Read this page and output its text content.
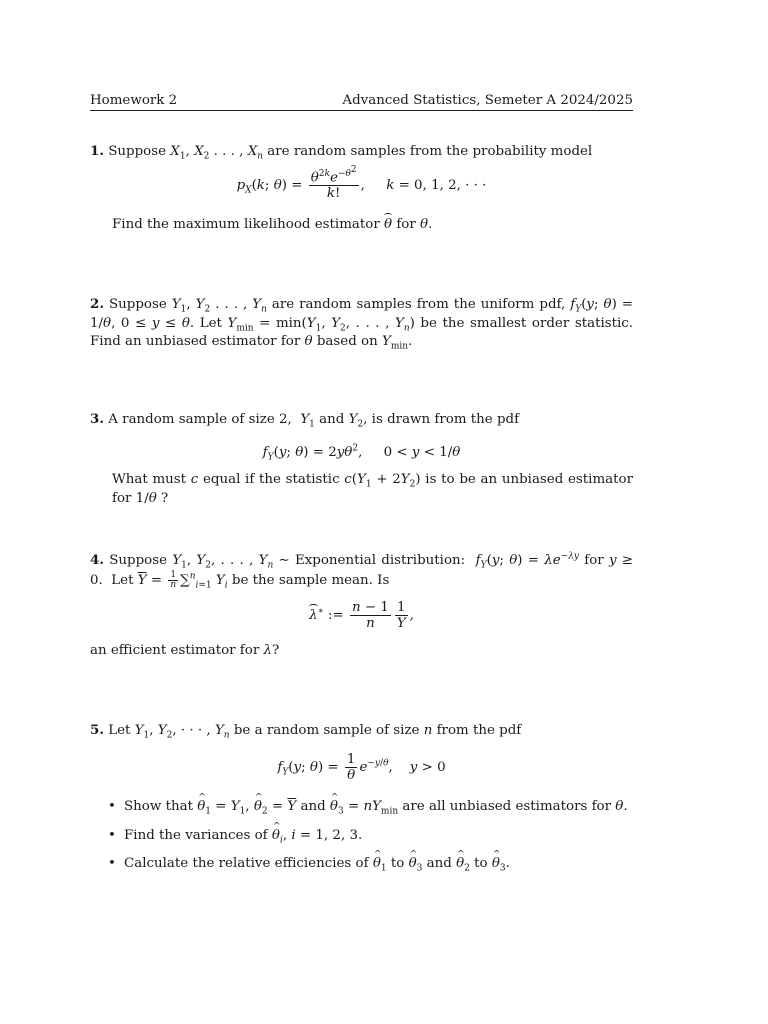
Homework 2	Advanced Statistics, Semeter A 2024/2025
1. Suppose $X_1$, $X_2$ . . . , $X_n$ are random samples from the probability model
$p_X(k$; $\theta) = \frac{\theta^{2k}e^{-\theta^2}}{k!}$ ,     k = 0, 1, 2, · · ·
Find the maximum likelihood estimator θ for θ.
2. Suppose $Y_1$, $Y_2$ . . . , $Y_n$ are random samples from the uniform pdf, $f_Y(y$; θ) = 1/θ, 0 ≤ y ≤ θ. Let $Y_{min} = \min(Y_1$, $Y_2$, . . . , $Y_n$) be the smallest order statistic. Find an unbiased estimator for θ based on $Y_{min}$.
3. A random sample of size 2,  $Y_1$ and $Y_2$, is drawn from the pdf
$f_Y(y$; $\theta) = 2y\theta^2$,     0 < y < 1/θ
What must c equal if the statistic $c(Y_1 + 2Y_2)$ is to be an unbiased estimator for 1/θ ?
4. Suppose $Y_1$, $Y_2$, . . . , $Y_n$ ∼ Exponential distribution:  $f_Y(y$; $\theta) = \lambda e^{-\lambda y}$ for y ≥ 0.  Let $\overline{Y} = \frac{1}{n} \sum^n_{i=1}$ $Y_i$ be the sample mean. Is
λ∗ := $\frac{n - 1}{n} \frac{1}{Y}$ ,
an efficient estimator for λ?
5. Let $Y_1$, $Y_2$, · · · , $Y_n$ be a random sample of size n from the pdf
$f_Y(y$; $\theta) = \frac{1}{\theta} e^{-y/\theta}$,    y > 0
• Show that θ $\^{}_1 = Y_1$, θ $\^{}_2 = \overline{Y}$ and θ $\^{}_3 = nY_{min}$ are all unbiased estimators for θ.
• Find the variances of θ $\^{}_i$, i = 1, 2, 3.
• Calculate the relative efficiencies of θ $\^{}_1$ to θ $\^{}_3$ and θ $\^{}_2$ to θ $\^{}_3$.
